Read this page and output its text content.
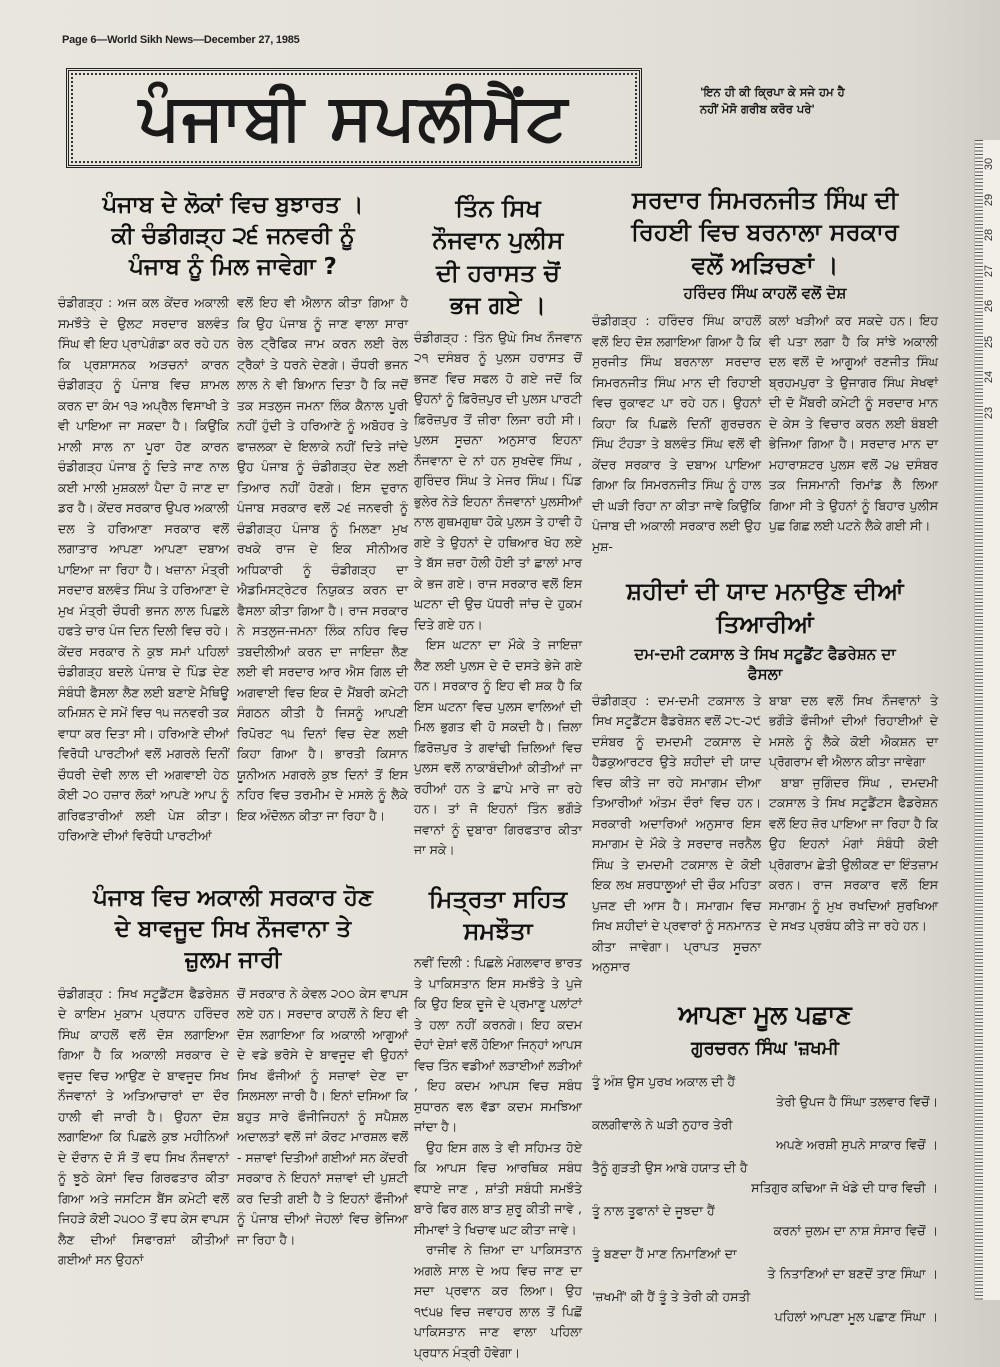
Page 6—World Sikh News—December 27, 1985
ਪੰਜਾਬੀ ਸਪਲੀਮੈਂਟ	'ਇਨ ਹੀ ਕੀ ਕ੍ਰਿਪਾ ਕੇ ਸਜੇ ਹਮ ਹੈ
ਨਹੀਂ ਮੋਸੋ ਗਰੀਬ ਕਰੋਰ ਪਰੇ'
30
29
28
27
26
25
24
23
ਪੰਜਾਬ ਦੇ ਲੋਕਾਂ ਵਿਚ ਬੁਝਾਰਤ ।
ਕੀ ਚੰਡੀਗੜ੍ਹ ੨੬ ਜਨਵਰੀ ਨੂੰ
ਪੰਜਾਬ ਨੂੰ ਮਿਲ ਜਾਵੇਗਾ ?

ਚੰਡੀਗੜ੍ਹ : ਅਜ ਕਲ ਕੇਂਦਰ ਅਕਾਲੀ ਸਮਝੌਤੇ ਦੇ ਉਲਟ ਸਰਦਾਰ ਬਲਵੰਤ ਸਿੰਘ ਵੀ ਇਹ ਪ੍ਰਾਪੇਗੰਡਾ ਕਰ ਰਹੇ ਹਨ ਕਿ ਪ੍ਰਸ਼ਾਸਨਕ ਅੜਚਨਾਂ ਕਾਰਨ ਚੰਡੀਗੜ੍ਹ ਨੂੰ ਪੰਜਾਬ ਵਿਚ ਸ਼ਾਮਲ ਕਰਨ ਦਾ ਕੰਮ ੧੩ ਅਪ੍ਰੈਲ ਵਿਸਾਖੀ ਤੇ ਵੀ ਪਾਇਆ ਜਾ ਸਕਦਾ ਹੈ। ਕਿਉਂਕਿ ਮਾਲੀ ਸਾਲ ਨਾ ਪੂਰਾ ਹੋਣ ਕਾਰਨ ਚੰਡੀਗੜ੍ਹ ਪੰਜਾਬ ਨੂੰ ਦਿਤੇ ਜਾਣ ਨਾਲ ਕਈ ਮਾਲੀ ਮੁਸ਼ਕਲਾਂ ਪੈਦਾ ਹੋ ਜਾਣ ਦਾ ਡਰ ਹੈ। ਕੇਂਦਰ ਸਰਕਾਰ ਉਪਰ ਅਕਾਲੀ ਦਲ ਤੇ ਹਰਿਆਣਾ ਸਰਕਾਰ ਵਲੋਂ ਲਗਾਤਾਰ ਆਪਣਾ ਆਪਣਾ ਦਬਾਅ ਪਾਇਆ ਜਾ ਰਿਹਾ ਹੈ। ਖਜ਼ਾਨਾ ਮੰਤ੍ਰੀ ਸਰਦਾਰ ਬਲਵੰਤ ਸਿੰਘ ਤੇ ਹਰਿਆਣਾ ਦੇ ਮੁਖ ਮੰਤ੍ਰੀ ਚੌਧਰੀ ਭਜਨ ਲਾਲ ਪਿਛਲੇ ਹਫਤੇ ਚਾਰ ਪੰਜ ਦਿਨ ਦਿਲੀ ਵਿਚ ਰਹੇ। ਕੇਂਦਰ ਸਰਕਾਰ ਨੇ ਕੁਝ ਸਮਾਂ ਪਹਿਲਾਂ ਚੰਡੀਗੜ੍ਹ ਬਦਲੇ ਪੰਜਾਬ ਦੇ ਪਿੰਡ ਦੇਣ ਸੰਬੰਧੀ ਫੈਸਲਾ ਲੈਣ ਲਈ ਬਣਾਏ ਮੈਥਿਊ ਕਮਿਸ਼ਨ ਦੇ ਸਮੇਂ ਵਿਚ ੧੫ ਜਨਵਰੀ ਤਕ ਵਾਧਾ ਕਰ ਦਿਤਾ ਸੀ। ਹਰਿਆਣੇ ਦੀਆਂ ਵਿਰੋਧੀ ਪਾਰਟੀਆਂ ਵਲੋਂ ਮਗਰਲੇ ਦਿਨੀਂ ਚੌਧਰੀ ਦੇਵੀ ਲਾਲ ਦੀ ਅਗਵਾਈ ਹੇਠ ਕੋਈ ੨੦ ਹਜ਼ਾਰ ਲੋਕਾਂ ਆਪਣੇ ਆਪ ਨੂੰ ਗਰਿਫਤਾਰੀਆਂ ਲਈ ਪੇਸ਼ ਕੀਤਾ। ਹਰਿਆਣੇ ਦੀਆਂ ਵਿਰੋਧੀ ਪਾਰਟੀਆਂ

ਵਲੋਂ ਇਹ ਵੀ ਐਲਾਨ ਕੀਤਾ ਗਿਆ ਹੈ ਕਿ ਉਹ ਪੰਜਾਬ ਨੂੰ ਜਾਣ ਵਾਲਾ ਸਾਰਾ ਰੇਲ ਟ੍ਰੈਫਿਕ ਜਾਮ ਕਰਨ ਲਈ ਰੇਲ ਟ੍ਰੈਕਾਂ ਤੇ ਧਰਨੇ ਦੇਣਗੇ। ਚੌਧਰੀ ਭਜਨ ਲਾਲ ਨੇ ਵੀ ਬਿਆਨ ਦਿਤਾ ਹੈ ਕਿ ਜਦੋਂ ਤਕ ਸਤਲੁਜ ਜਮਨਾ ਲਿੰਕ ਕੈਨਾਲ ਪੂਰੀ ਨਹੀਂ ਹੁੰਦੀ ਤੇ ਹਰਿਆਣੇ ਨੂੰ ਅਬੋਹਰ ਤੇ ਫਾਜ਼ਲਕਾ ਦੇ ਇਲਾਕੇ ਨਹੀਂ ਦਿਤੇ ਜਾਂਦੇ ਉਹ ਪੰਜਾਬ ਨੂੰ ਚੰਡੀਗੜ੍ਹ ਦੇਣ ਲਈ ਤਿਆਰ ਨਹੀਂ ਹੋਣਗੇ। ਇਸ ਦੁਰਾਨ ਪੰਜਾਬ ਸਰਕਾਰ ਵਲੋਂ ੨੬ ਜਨਵਰੀ ਨੂੰ ਚੰਡੀਗੜ੍ਹ ਪੰਜਾਬ ਨੂੰ ਮਿਲਣਾ ਮੁਖ ਰਖਕੇ ਰਾਜ ਦੇ ਇਕ ਸੀਨੀਅਰ ਅਧਿਕਾਰੀ ਨੂੰ ਚੰਡੀਗੜ੍ਹ ਦਾ ਐਡਮਿਸਟ੍ਰੇਟਰ ਨਿਯੁਕਤ ਕਰਨ ਦਾ ਫੈਸਲਾ ਕੀਤਾ ਗਿਆ ਹੈ। ਰਾਜ ਸਰਕਾਰ ਨੇ ਸਤਲੁਜ-ਜਮਨਾ ਲਿੰਕ ਨਹਿਰ ਵਿਚ ਤਬਦੀਲੀਆਂ ਕਰਨ ਦਾ ਜਾਇਜ਼ਾ ਲੈਣ ਲਈ ਵੀ ਸਰਦਾਰ ਆਰ ਐਸ ਗਿਲ ਦੀ ਅਗਵਾਈ ਵਿਚ ਇਕ ਦੋ ਮੈਂਬਰੀ ਕਮੇਟੀ ਸੰਗਠਨ ਕੀਤੀ ਹੈ ਜਿਸਨੂੰ ਆਪਣੀ ਰਿਪੋਰਟ ੧੫ ਦਿਨਾਂ ਵਿਚ ਦੇਣ ਲਈ ਕਿਹਾ ਗਿਆ ਹੈ। ਭਾਰਤੀ ਕਿਸਾਨ ਯੂਨੀਅਨ ਮਗਰਲੇ ਕੁਝ ਦਿਨਾਂ ਤੋਂ ਇਸ ਨਹਿਰ ਵਿਚ ਤਰਮੀਮ ਦੇ ਮਸਲੇ ਨੂੰ ਲੈਕੇ ਇਕ ਅੰਦੋਲਨ ਕੀਤਾ ਜਾ ਰਿਹਾ ਹੈ।

ਪੰਜਾਬ ਵਿਚ ਅਕਾਲੀ ਸਰਕਾਰ ਹੋਣ
ਦੇ ਬਾਵਜੂਦ ਸਿਖ ਨੌਜਵਾਨਾ ਤੇ
ਜ਼ੁਲਮ ਜਾਰੀ

ਚੰਡੀਗੜ੍ਹ : ਸਿਖ ਸਟੂਡੈਂਟਸ ਫੈਡਰੇਸ਼ਨ ਦੇ ਕਾਇਮ ਮੁਕਾਮ ਪ੍ਰਧਾਨ ਹਰਿੰਦਰ ਸਿੰਘ ਕਾਹਲੋਂ ਵਲੋਂ ਦੋਸ਼ ਲਗਾਇਆ ਗਿਆ ਹੈ ਕਿ ਅਕਾਲੀ ਸਰਕਾਰ ਦੇ ਵਜੂਦ ਵਿਚ ਆਉਣ ਦੇ ਬਾਵਜੂਦ ਸਿਖ ਨੌਜਵਾਨਾਂ ਤੇ ਅਤਿਆਚਾਰਾਂ ਦਾ ਦੌਰ ਹਾਲੀ ਵੀ ਜਾਰੀ ਹੈ। ਉਹਨਾ ਦੋਸ਼ ਲਗਾਇਆ ਕਿ ਪਿਛਲੇ ਕੁਝ ਮਹੀਨਿਆਂ ਦੇ ਦੌਰਾਨ ਦੋ ਸੌ ਤੋਂ ਵਧ ਸਿਖ ਨੌਜਵਾਨਾਂ ਨੂੰ ਝੂਠੇ ਕੇਸਾਂ ਵਿਚ ਗਿਰਫਤਾਰ ਕੀਤਾ ਗਿਆ ਅਤੇ ਜਸਟਿਸ ਬੈਂਸ ਕਮੇਟੀ ਵਲੋਂ ਜਿਹੜੇ ਕੋਈ ੨੫੦੦ ਤੋਂ ਵਧ ਕੇਸ ਵਾਪਸ ਲੈਣ ਦੀਆਂ ਸਿਫਾਰਸ਼ਾਂ ਕੀਤੀਆਂ ਗਈਆਂ ਸਨ ਉਹਨਾਂ

ਚੋਂ ਸਰਕਾਰ ਨੇ ਕੇਵਲ ੨੦੦ ਕੇਸ ਵਾਪਸ ਲਏ ਹਨ। ਸਰਦਾਰ ਕਾਹਲੋਂ ਨੇ ਇਹ ਵੀ ਦੋਸ਼ ਲਗਾਇਆ ਕਿ ਅਕਾਲੀ ਆਗੂਆਂ ਦੇ ਵਡੇ ਭਰੋਸੇ ਦੇ ਬਾਵਜੂਦ ਵੀ ਉਹਨਾਂ ਸਿਖ ਫੌਜੀਆਂ ਨੂੰ ਸਜ਼ਾਵਾਂ ਦੇਣ ਦਾ ਸਿਲਸਲਾ ਜਾਰੀ ਹੈ। ਇਨਾਂ ਦਸਿਆ ਕਿ ਬਹੁਤ ਸਾਰੇ ਫੌਜੀਜਿਹਨਾਂ ਨੂੰ ਸਪੈਸ਼ਲ ਅਦਾਲਤਾਂ ਵਲੋਂ ਜਾਂ ਕੋਰਟ ਮਾਰਸ਼ਲ ਵਲੋਂ - ਸਜ਼ਾਵਾਂ ਦਿਤੀਆਂ ਗਈਆਂ ਸਨ ਕੇਂਦਰੀ ਸਰਕਾਰ ਨੇ ਇਹਨਾਂ ਸਜ਼ਾਵਾਂ ਦੀ ਪੁਸ਼ਟੀ ਕਰ ਦਿਤੀ ਗਈ ਹੈ ਤੇ ਇਹਨਾਂ ਫੌਜੀਆਂ ਨੂੰ ਪੰਜਾਬ ਦੀਆਂ ਜੇਹਲਾਂ ਵਿਚ ਭੇਜਿਆ ਜਾ ਰਿਹਾ ਹੈ।

ਤਿੰਨ ਸਿਖ
ਨੌਜਵਾਨ ਪੁਲੀਸ
ਦੀ ਹਰਾਸਤ ਚੋਂ
ਭਜ ਗਏ ।

ਚੰਡੀਗੜ੍ਹ : ਤਿੰਨ ਉਘੇ ਸਿਖ ਨੌਜਵਾਨ ੨੧ ਦਸੰਬਰ ਨੂੰ ਪੁਲਸ ਹਰਾਸਤ ਚੋਂ ਭਜਣ ਵਿਚ ਸਫਲ ਹੋ ਗਏ ਜਦੋਂ ਕਿ ਉਹਨਾਂ ਨੂੰ ਫ਼ਿਰੋਜ਼ਪੁਰ ਦੀ ਪੁਲਸ ਪਾਰਟੀ ਫ਼ਿਰੋਜ਼ਪੁਰ ਤੋਂ ਜ਼ੀਰਾ ਲਿਜਾ ਰਹੀ ਸੀ। ਪੁਲਸ ਸੂਚਨਾ ਅਨੁਸਾਰ ਇਹਨਾ ਨੌਜਵਾਨਾ ਦੇ ਨਾਂ ਹਨ ਸੁਖਦੇਵ ਸਿੰਘ , ਗੁਰਿੰਦਰ ਸਿੰਘ ਤੇ ਮੇਜਰ ਸਿੰਘ। ਪਿੰਡ ਭੁਲੇਰ ਨੇੜੇ ਇਹਨਾ ਨੌਜਵਾਨਾਂ ਪੁਲਸੀਆਂ ਨਾਲ ਗੁਥਮਗੁਥਾ ਹੋਕੇ ਪੁਲਸ ਤੇ ਹਾਵੀ ਹੋ ਗਏ ਤੇ ਉਹਨਾਂ ਦੇ ਹਥਿਆਰ ਖੋਹ ਲਏ ਤੇ ਬੱਸ ਜ਼ਰਾ ਹੋਲੀ ਹੋਈ ਤਾਂ ਛਾਲਾਂ ਮਾਰ ਕੇ ਭਜ ਗਏ। ਰਾਜ ਸਰਕਾਰ ਵਲੋਂ ਇਸ ਘਟਨਾ ਦੀ ਉਚ ਪੱਧਰੀ ਜਾਂਚ ਦੇ ਹੁਕਮ ਦਿਤੇ ਗਏ ਹਨ।

ਇਸ ਘਟਨਾ ਦਾ ਮੌਕੇ ਤੇ ਜਾਇਜ਼ਾ ਲੈਣ ਲਈ ਪੁਲਸ ਦੇ ਦੋ ਦਸਤੇ ਭੇਜੇ ਗਏ ਹਨ। ਸਰਕਾਰ ਨੂੰ ਇਹ ਵੀ ਸ਼ਕ ਹੈ ਕਿ ਇਸ ਘਟਨਾ ਵਿਚ ਪੁਲਸ ਵਾਲਿਆਂ ਦੀ ਮਿਲ ਭੁਗਤ ਵੀ ਹੋ ਸਕਦੀ ਹੈ। ਜ਼ਿਲਾ ਫ਼ਿਰੋਜ਼ਪੁਰ ਤੇ ਗਵਾਂਢੀ ਜ਼ਿਲਿਆਂ ਵਿਚ ਪੁਲਸ ਵਲੋਂ ਨਾਕਾਬੰਦੀਆਂ ਕੀਤੀਆਂ ਜਾ ਰਹੀਆਂ ਹਨ ਤੇ ਛਾਪੇ ਮਾਰੇ ਜਾ ਰਹੇ ਹਨ। ਤਾਂ ਜੋ ਇਹਨਾਂ ਤਿੰਨ ਭਗੌੜੇ ਜਵਾਨਾਂ ਨੂੰ ਦੁਬਾਰਾ ਗਿਰਫਤਾਰ ਕੀਤਾ ਜਾ ਸਕੇ।

ਮਿਤ੍ਰਤਾ ਸਹਿਤ
ਸਮਝੌਤਾ

ਨਵੀਂ ਦਿਲੀ : ਪਿਛਲੇ ਮੰਗਲਵਾਰ ਭਾਰਤ ਤੇ ਪਾਕਿਸਤਾਨ ਇਸ ਸਮਝੌਤੇ ਤੇ ਪੁਜੇ ਕਿ ਉਹ ਇਕ ਦੂਜੇ ਦੇ ਪ੍ਰਮਾਣੂ ਪਲਾਂਟਾਂ ਤੇ ਹਲਾ ਨਹੀਂ ਕਰਨਗੇ। ਇਹ ਕਦਮ ਦੋਹਾਂ ਦੇਸ਼ਾਂ ਵਲੋਂ ਹੋਇਆ ਜਿਨ੍ਹਾਂ ਆਪਸ ਵਿਚ ਤਿੰਨ ਵਡੀਆਂ ਲੜਾਈਆਂ ਲੜੀਆਂ , ਇਹ ਕਦਮ ਆਪਸ ਵਿਚ ਸਬੰਧ ਸੁਧਾਰਨ ਵਲ ਵੱਡਾ ਕਦਮ ਸਮਝਿਆ ਜਾਂਦਾ ਹੈ।

ਉਹ ਇਸ ਗਲ ਤੇ ਵੀ ਸਹਿਮਤ ਹੋਏ ਕਿ ਆਪਸ ਵਿਚ ਆਰਥਿਕ ਸਬੰਧ ਵਧਾਏ ਜਾਣ , ਸ਼ਾਂਤੀ ਸਬੰਧੀ ਸਮਝੌਤੇ ਬਾਰੇ ਫਿਰ ਗਲ ਬਾਤ ਸ਼ੁਰੂ ਕੀਤੀ ਜਾਵੇ , ਸੀਮਾਵਾਂ ਤੇ ਖਿਚਾਵ ਘਟ ਕੀਤਾ ਜਾਵੇ।

ਰਾਜੀਵ ਨੇ ਜ਼ਿਆ ਦਾ ਪਾਕਿਸਤਾਨ ਅਗਲੇ ਸਾਲ ਦੇ ਅਧ ਵਿਚ ਜਾਣ ਦਾ ਸਦਾ ਪ੍ਰਵਾਨ ਕਰ ਲਿਆ। ਉਹ ੧੯੫੪ ਵਿਚ ਜਵਾਹਰ ਲਾਲ ਤੋਂ ਪਿਛੋਂ ਪਾਕਿਸਤਾਨ ਜਾਣ ਵਾਲਾ ਪਹਿਲਾ ਪ੍ਰਧਾਨ ਮੰਤ੍ਰੀ ਹੋਵੇਗਾ।

ਸਰਦਾਰ ਸਿਮਰਨਜੀਤ ਸਿੰਘ ਦੀ
ਰਿਹਈ ਵਿਚ ਬਰਨਾਲਾ ਸਰਕਾਰ
ਵਲੋਂ ਅੜਿਚਣਾਂ ।
ਹਰਿੰਦਰ ਸਿੰਘ ਕਾਹਲੋਂ ਵਲੋਂ ਦੋਸ਼

ਚੰਡੀਗੜ੍ਹ : ਹਰਿੰਦਰ ਸਿੰਘ ਕਾਹਲੋਂ ਵਲੋਂ ਇਹ ਦੋਸ਼ ਲਗਾਇਆ ਗਿਆ ਹੈ ਕਿ ਸੁਰਜੀਤ ਸਿੰਘ ਬਰਨਾਲਾ ਸਰਦਾਰ ਸਿਮਰਨਜੀਤ ਸਿੰਘ ਮਾਨ ਦੀ ਰਿਹਾਈ ਵਿਚ ਰੁਕਾਵਟ ਪਾ ਰਹੇ ਹਨ। ਉਹਨਾਂ ਕਿਹਾ ਕਿ ਪਿਛਲੇ ਦਿਨੀਂ ਗੁਰਚਰਨ ਸਿੰਘ ਟੌਹੜਾ ਤੇ ਬਲਵੰਤ ਸਿੰਘ ਵਲੋਂ ਵੀ ਕੇਂਦਰ ਸਰਕਾਰ ਤੇ ਦਬਾਅ ਪਾਇਆ ਗਿਆ ਕਿ ਸਿਮਰਨਜੀਤ ਸਿੰਘ ਨੂੰ ਹਾਲ ਦੀ ਘੜੀ ਰਿਹਾ ਨਾ ਕੀਤਾ ਜਾਵੇ ਕਿਉਂਕਿ ਪੰਜਾਬ ਦੀ ਅਕਾਲੀ ਸਰਕਾਰ ਲਈ ਉਹ ਮੁਸ਼-

ਕਲਾਂ ਖੜੀਆਂ ਕਰ ਸਕਦੇ ਹਨ। ਇਹ ਵੀ ਪਤਾ ਲਗਾ ਹੈ ਕਿ ਸਾਂਝੇ ਅਕਾਲੀ ਦਲ ਵਲੋਂ ਦੋ ਆਗੂਆਂ ਰਣਜੀਤ ਸਿੰਘ ਬ੍ਰਹਮਪੁਰਾ ਤੇ ਉਜਾਗਰ ਸਿੰਘ ਸੇਖਵਾਂ ਦੀ ਦੋ ਮੈਂਬਰੀ ਕਮੇਟੀ ਨੂੰ ਸਰਦਾਰ ਮਾਨ ਦੇ ਕੇਸ ਤੇ ਵਿਚਾਰ ਕਰਨ ਲਈ ਬੰਬਈ ਭੇਜਿਆ ਗਿਆ ਹੈ। ਸਰਦਾਰ ਮਾਨ ਦਾ ਮਹਾਰਾਸ਼ਟਰ ਪੁਲਸ ਵਲੋਂ ੨੪ ਦਸੰਬਰ ਤਕ ਜਿਸਮਾਨੀ ਰਿਮਾਂਡ ਲੈ ਲਿਆ ਗਿਆ ਸੀ ਤੇ ਉਹਨਾਂ ਨੂੰ ਬਿਹਾਰ ਪੁਲੀਸ ਪੁਛ ਗਿਛ ਲਈ ਪਟਨੇ ਲੈਕੇ ਗਈ ਸੀ।

ਸ਼ਹੀਦਾਂ ਦੀ ਯਾਦ ਮਨਾਉਣ ਦੀਆਂ
ਤਿਆਰੀਆਂ
ਦਮ-ਦਮੀ ਟਕਸਾਲ ਤੇ ਸਿਖ ਸਟੂਡੈਂਟ ਫੈਡਰੇਸ਼ਨ ਦਾ
ਫੈਸਲਾ

ਚੰਡੀਗੜ੍ਹ : ਦਮ-ਦਮੀ ਟਕਸਾਲ ਤੇ ਸਿਖ ਸਟੂਡੈਂਟਸ ਫੈਡਰੇਸ਼ਨ ਵਲੋਂ ੨੮-੨੯ ਦਸੰਬਰ ਨੂੰ ਦਮਦਮੀ ਟਕਸਾਲ ਦੇ ਹੈਡਕੁਆਰਟਰ ਉਤੇ ਸ਼ਹੀਦਾਂ ਦੀ ਯਾਦ ਵਿਚ ਕੀਤੇ ਜਾ ਰਹੇ ਸਮਾਗਮ ਦੀਆ ਤਿਆਰੀਆਂ ਅੰਤਮ ਦੌਰਾਂ ਵਿਚ ਹਨ। ਸਰਕਾਰੀ ਅਦਾਰਿਆਂ ਅਨੁਸਾਰ ਇਸ ਸਮਾਗਮ ਦੇ ਮੌਕੇ ਤੇ ਸਰਦਾਰ ਜਰਨੈਲ ਸਿੰਘ ਤੇ ਦਮਦਮੀ ਟਕਸਾਲ ਦੇ ਕੋਈ ਇਕ ਲਖ ਸ਼ਰਧਾਲੂਆਂ ਦੀ ਚੌਕ ਮਹਿਤਾ ਪੁਜਣ ਦੀ ਆਸ ਹੈ। ਸਮਾਗਮ ਵਿਚ ਸਿਖ ਸ਼ਹੀਦਾਂ ਦੇ ਪ੍ਰਵਾਰਾਂ ਨੂੰ ਸਨਮਾਨਤ ਕੀਤਾ ਜਾਵੇਗਾ। ਪ੍ਰਾਪਤ ਸੂਚਨਾ ਅਨੁਸਾਰ

ਬਾਬਾ ਦਲ ਵਲੋਂ ਸਿਖ ਨੌਜਵਾਨਾਂ ਤੇ ਭਗੌੜੇ ਫੌਜੀਆਂ ਦੀਆਂ ਰਿਹਾਈਆਂ ਦੇ ਮਸਲੇ ਨੂੰ ਲੈਕੇ ਕੋਈ ਐਕਸ਼ਨ ਦਾ ਪ੍ਰੋਗਰਾਮ ਵੀ ਐਲਾਨ ਕੀਤਾ ਜਾਵੇਗਾ

ਬਾਬਾ ਜੁਗਿੰਦਰ ਸਿੰਘ , ਦਮਦਮੀ ਟਕਸਾਲ ਤੇ ਸਿਖ ਸਟੂਡੈਂਟਸ ਫੈਡਰੇਸ਼ਨ ਵਲੋਂ ਇਹ ਜ਼ੋਰ ਪਾਇਆ ਜਾ ਰਿਹਾ ਹੈ ਕਿ ਉਹ ਇਹਨਾਂ ਮੰਗਾਂ ਸੰਬੰਧੀ ਕੋਈ ਪ੍ਰੋਗਰਾਮ ਛੇਤੀ ਉਲੀਕਣ ਦਾ ਇੰਤਜ਼ਾਮ ਕਰਨ। ਰਾਜ ਸਰਕਾਰ ਵਲੋਂ ਇਸ ਸਮਾਗਮ ਨੂੰ ਮੁਖ ਰਖਦਿਆਂ ਸੁਰਖਿਆ ਦੇ ਸਖਤ ਪ੍ਰਬੰਧ ਕੀਤੇ ਜਾ ਰਹੇ ਹਨ।

ਆਪਣਾ ਮੂਲ ਪਛਾਣ
ਗੁਰਚਰਨ ਸਿੰਘ 'ਜ਼ਖਮੀ
ਤੂੰ ਅੰਸ਼ ਉਸ ਪੁਰਖ ਅਕਾਲ ਦੀ ਹੈਂ
ਤੇਰੀ ਉਪਜ ਹੈ ਸਿੰਘਾ ਤਲਵਾਰ ਵਿਚੋਂ।
ਕਲਗੀਵਾਲੇ ਨੇ ਘੜੀ ਨੁਹਾਰ ਤੇਰੀ
ਅਪਣੇ ਅਰਸ਼ੀ ਸੁਪਨੇ ਸਾਕਾਰ ਵਿਚੋਂ ।
ਤੈਨੂੰ ਗੁੜਤੀ ਉਸ ਆਬੇ ਹਯਾਤ ਦੀ ਹੈ
ਸਤਿਗੁਰ ਕਢਿਆ ਜੋ ਖੰਡੇ ਦੀ ਧਾਰ ਵਿਚੀ ।
ਤੂੰ ਨਾਲ ਤੂਫਾਨਾਂ ਦੇ ਜੂਝਦਾ ਹੈਂ
ਕਰਨਾਂ ਜ਼ੁਲਮ ਦਾ ਨਾਸ਼ ਸੰਸਾਰ ਵਿਚੋਂ ।
ਤੂੰ ਬਣਦਾ ਹੈਂ ਮਾਣ ਨਿਮਾਣਿਆਂ ਦਾ
ਤੇ ਨਿਤਾਣਿਆਂ ਦਾ ਬਣਦੋਂ ਤਾਣ ਸਿੰਘਾ ।
'ਜ਼ਖਮੀਂ' ਕੀ ਹੈਂ ਤੂੰ ਤੇ ਤੇਰੀ ਕੀ ਹਸਤੀ
ਪਹਿਲਾਂ ਆਪਣਾ ਮੂਲ ਪਛਾਣ ਸਿੰਘਾ ।
